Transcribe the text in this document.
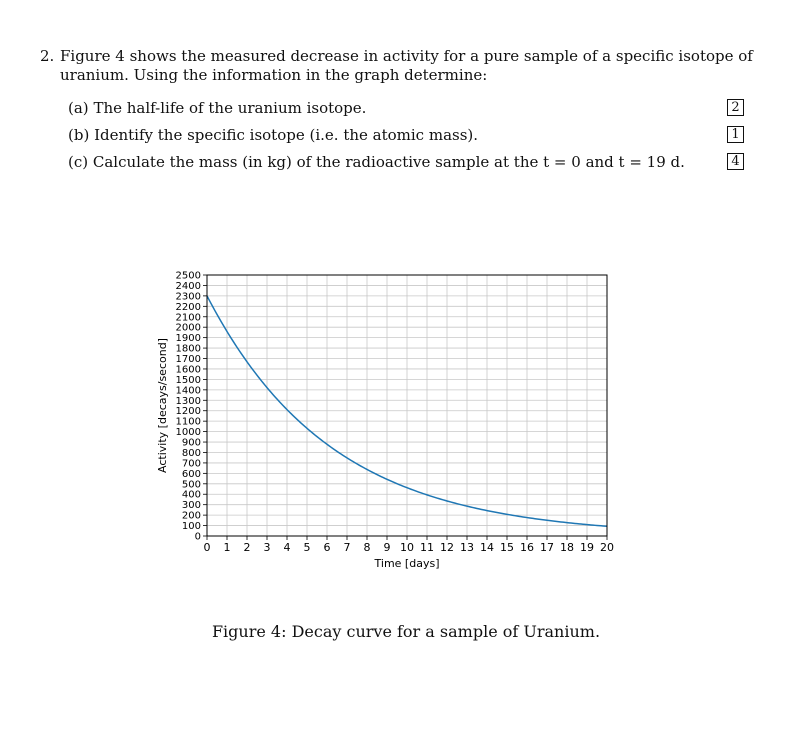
2. Figure 4 shows the measured decrease in activity for a pure sample of a specific isotope of uranium. Using the information in the graph determine:
(a) The half-life of the uranium isotope.	2
(b) Identify the specific isotope (i.e. the atomic mass).	1
(c) Calculate the mass (in kg) of the radioactive sample at the t = 0 and t = 19 d.	4
0 1 2 3 4 5 6 7 8 9 10 11 12 13 14 15 16 17 18 19 20
0
100
200
300
400
500
600
700
800
900
1000
1100
1200
1300
1400
1500
1600
1700
1800
1900
2000
2100
2200
2300
2400
2500
Time [days]
Activity [decays/second]
Figure 4: Decay curve for a sample of Uranium.
